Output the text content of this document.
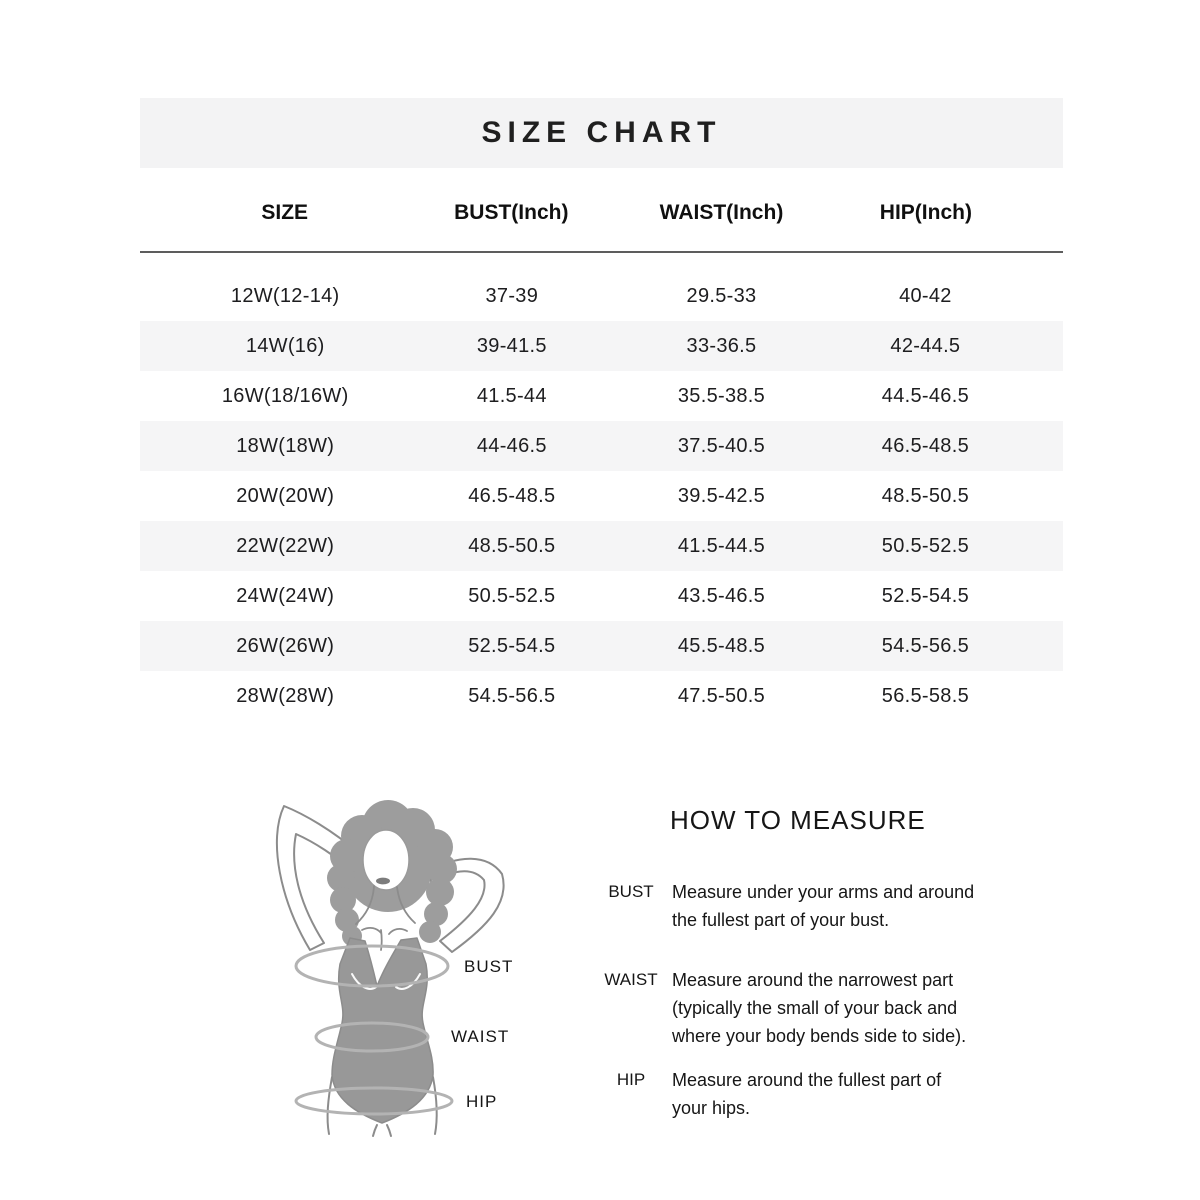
SIZE CHART
SIZE	BUST(Inch)	WAIST(Inch)	HIP(Inch)

12W(12-14)	37-39	29.5-33	40-42
14W(16)	39-41.5	33-36.5	42-44.5
16W(18/16W)	41.5-44	35.5-38.5	44.5-46.5
18W(18W)	44-46.5	37.5-40.5	46.5-48.5
20W(20W)	46.5-48.5	39.5-42.5	48.5-50.5
22W(22W)	48.5-50.5	41.5-44.5	50.5-52.5
24W(24W)	50.5-52.5	43.5-46.5	52.5-54.5
26W(26W)	52.5-54.5	45.5-48.5	54.5-56.5
28W(28W)	54.5-56.5	47.5-50.5	56.5-58.5
BUST
WAIST
HIP
HOW TO MEASURE
BUST	Measure under your arms and around the fullest part of your bust.

WAIST Measure around the narrowest part (typically the small of your back and where your body bends side to side).

HIP	Measure around the fullest part of your hips.
